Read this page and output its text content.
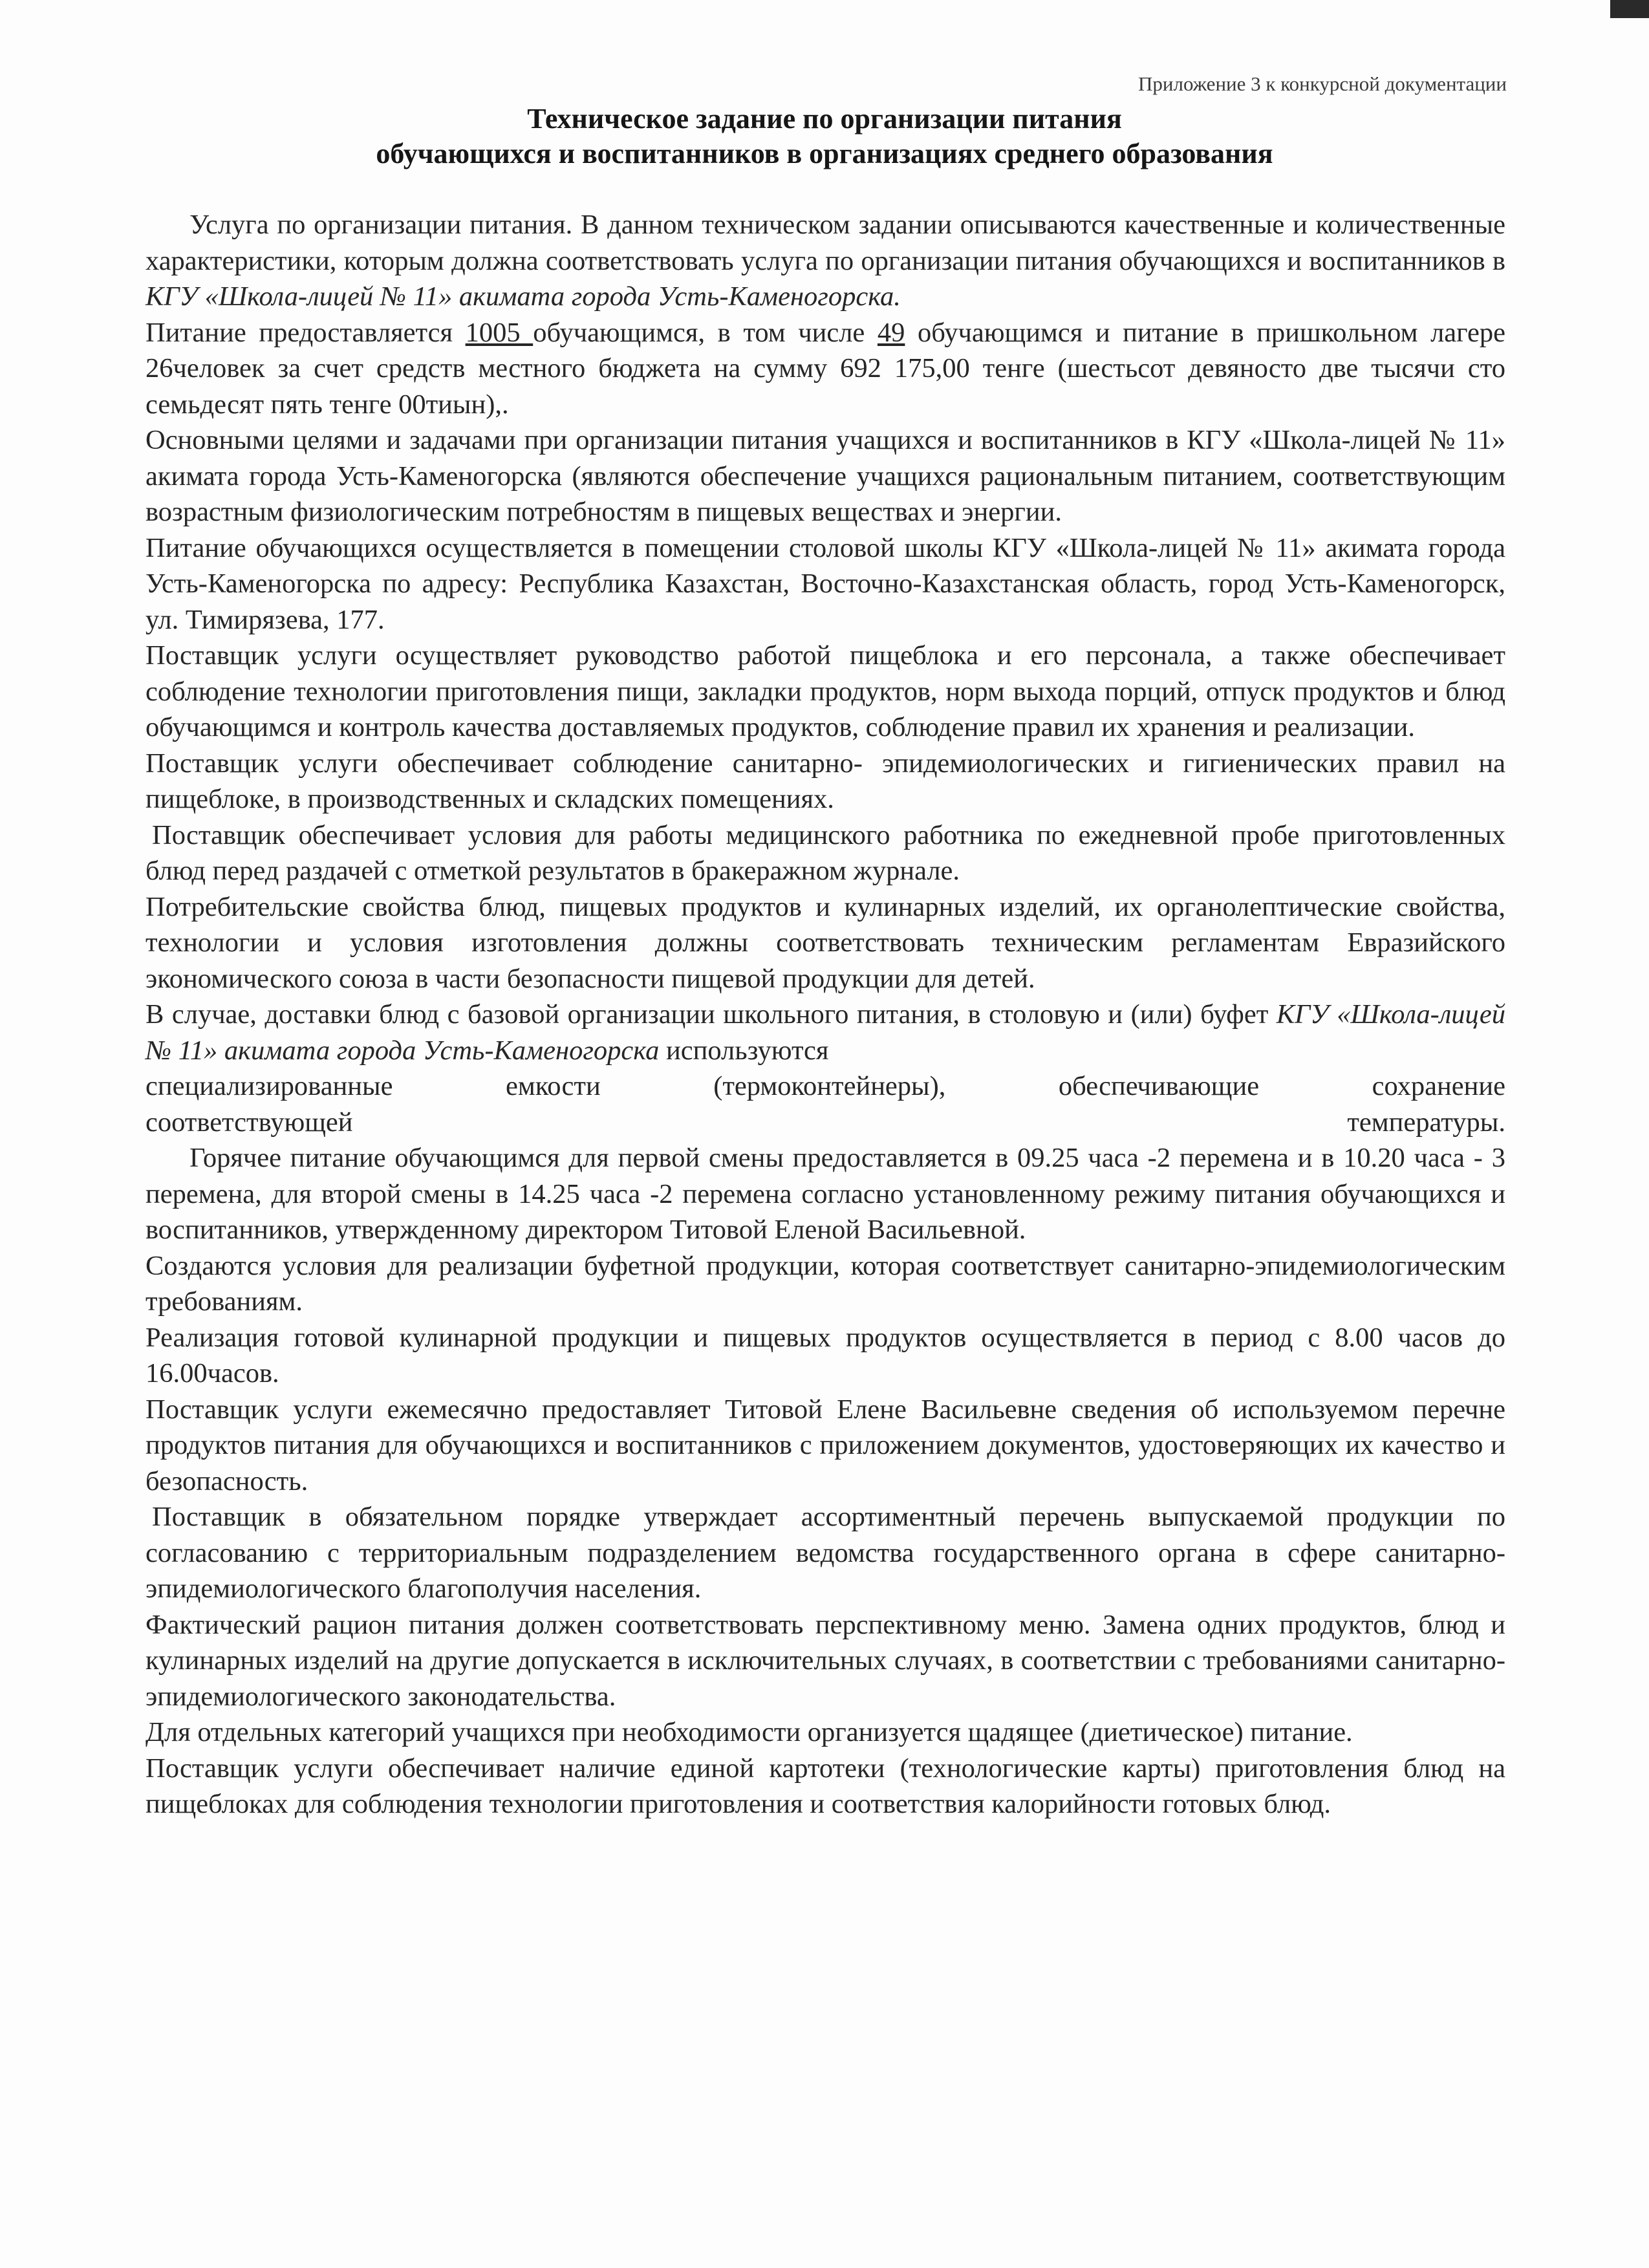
Приложение 3 к конкурсной документации
Техническое задание по организации питания
обучающихся и воспитанников в организациях среднего образования

Услуга по организации питания. В данном техническом задании описываются качественные и количественные характеристики, которым должна соответствовать услуга по организации питания обучающихся и воспитанников в КГУ «Школа-лицей № 11» акимата города Усть-Каменогорска.

Питание предоставляется 1005 обучающимся, в том числе 49 обучающимся и питание в пришкольном лагере 26человек за счет средств местного бюджета на сумму 692 175,00 тенге (шестьсот девяносто две тысячи сто семьдесят пять тенге 00тиын),.

Основными целями и задачами при организации питания учащихся и воспитанников в КГУ «Школа-лицей № 11» акимата города Усть-Каменогорска (являются обеспечение учащихся рациональным питанием, соответствующим возрастным физиологическим потребностям в пищевых веществах и энергии.

Питание обучающихся осуществляется в помещении столовой школы КГУ «Школа-лицей № 11» акимата города Усть-Каменогорска по адресу: Республика Казахстан, Восточно-Казахстанская область, город Усть-Каменогорск, ул. Тимирязева, 177.

Поставщик услуги осуществляет руководство работой пищеблока и его персонала, а также обеспечивает соблюдение технологии приготовления пищи, закладки продуктов, норм выхода порций, отпуск продуктов и блюд обучающимся и контроль качества доставляемых продуктов, соблюдение правил их хранения и реализации.

Поставщик услуги обеспечивает соблюдение санитарно- эпидемиологических и гигиенических правил на пищеблоке, в производственных и складских помещениях.

Поставщик обеспечивает условия для работы медицинского работника по ежедневной пробе приготовленных блюд перед раздачей с отметкой результатов в бракеражном журнале.

Потребительские свойства блюд, пищевых продуктов и кулинарных изделий, их органолептические свойства, технологии и условия изготовления должны соответствовать техническим регламентам Евразийского экономического союза в части безопасности пищевой продукции для детей.

В случае, доставки блюд с базовой организации школьного питания, в столовую и (или) буфет КГУ «Школа-лицей № 11» акимата города Усть-Каменогорска используются

специализированные	емкости	(термоконтейнеры),	обеспечивающие	сохранение
соответствующей	температуры.

Горячее питание обучающимся для первой смены предоставляется в 09.25 часа -2 перемена и в 10.20 часа - 3 перемена, для второй смены в 14.25 часа -2 перемена согласно установленному режиму питания обучающихся и воспитанников, утвержденному директором Титовой Еленой Васильевной.

Создаются условия для реализации буфетной продукции, которая соответствует санитарно-эпидемиологическим требованиям.

Реализация готовой кулинарной продукции и пищевых продуктов осуществляется в период с 8.00 часов до 16.00часов.

Поставщик услуги ежемесячно предоставляет Титовой Елене Васильевне сведения об используемом перечне продуктов питания для обучающихся и воспитанников с приложением документов, удостоверяющих их качество и безопасность.

Поставщик в обязательном порядке утверждает ассортиментный перечень выпускаемой продукции по согласованию с территориальным подразделением ведомства государственного органа в сфере санитарно-эпидемиологического благополучия населения.

Фактический рацион питания должен соответствовать перспективному меню. Замена одних продуктов, блюд и кулинарных изделий на другие допускается в исключительных случаях, в соответствии с требованиями санитарно-эпидемиологического законодательства.

Для отдельных категорий учащихся при необходимости организуется щадящее (диетическое) питание.

Поставщик услуги обеспечивает наличие единой картотеки (технологические карты) приготовления блюд на пищеблоках для соблюдения технологии приготовления и соответствия калорийности готовых блюд.
